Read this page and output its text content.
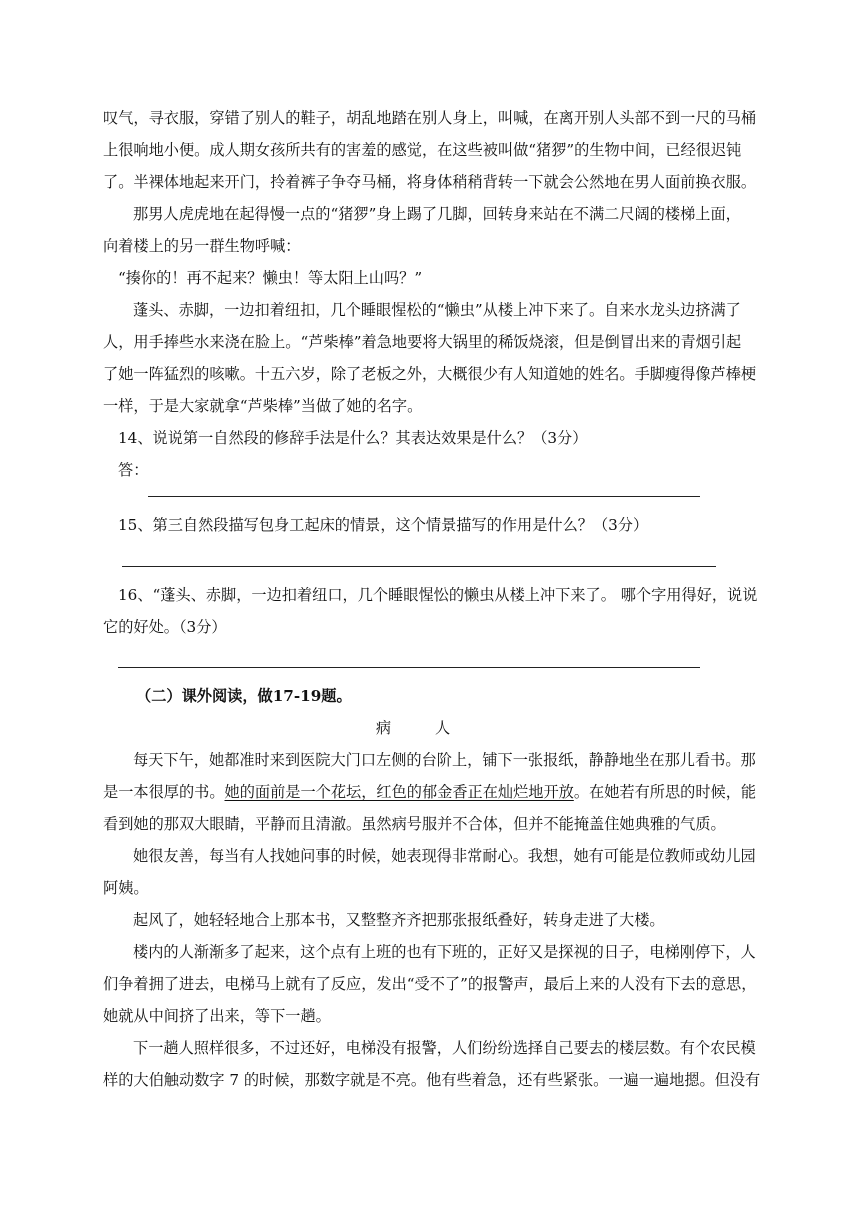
叹气，寻衣服，穿错了别人的鞋子，胡乱地踏在别人身上，叫喊，在离开别人头部不到一尺的马桶
上很响地小便。成人期女孩所共有的害羞的感觉，在这些被叫做“猪猡”的生物中间，已经很迟钝
了。半裸体地起来开门，拎着裤子争夺马桶，将身体稍稍背转一下就会公然地在男人面前换衣服。
那男人虎虎地在起得慢一点的“猪猡”身上踢了几脚，回转身来站在不满二尺阔的楼梯上面，
向着楼上的另一群生物呼喊：
“揍你的！再不起来？懒虫！等太阳上山吗？”
蓬头、赤脚，一边扣着纽扣，几个睡眼惺松的“懒虫”从楼上冲下来了。自来水龙头边挤满了
人，用手捧些水来浇在脸上。“芦柴棒”着急地要将大锅里的稀饭烧滚，但是倒冒出来的青烟引起
了她一阵猛烈的咳嗽。十五六岁，除了老板之外，大概很少有人知道她的姓名。手脚瘦得像芦棒梗
一样，于是大家就拿“芦柴棒”当做了她的名字。
14、说说第一自然段的修辞手法是什么？其表达效果是什么？（3分）
答：
15、第三自然段描写包身工起床的情景，这个情景描写的作用是什么？（3分）
16、“蓬头、赤脚，一边扣着纽口，几个睡眼惺忪的懒虫从楼上冲下来了。 哪个字用得好，说说
它的好处。（3分）
（二）课外阅读，做17-19题。
病人
每天下午，她都准时来到医院大门口左侧的台阶上，铺下一张报纸，静静地坐在那儿看书。那
是一本很厚的书。她的面前是一个花坛，红色的郁金香正在灿烂地开放。在她若有所思的时候，能
看到她的那双大眼睛，平静而且清澈。虽然病号服并不合体，但并不能掩盖住她典雅的气质。
她很友善，每当有人找她问事的时候，她表现得非常耐心。我想，她有可能是位教师或幼儿园
阿姨。
起风了，她轻轻地合上那本书，又整整齐齐把那张报纸叠好，转身走进了大楼。
楼内的人渐渐多了起来，这个点有上班的也有下班的，正好又是探视的日子，电梯刚停下，人
们争着拥了进去，电梯马上就有了反应，发出“受不了”的报警声，最后上来的人没有下去的意思，
她就从中间挤了出来，等下一趟。
下一趟人照样很多，不过还好，电梯没有报警，人们纷纷选择自己要去的楼层数。有个农民模
样的大伯触动数字 7 的时候，那数字就是不亮。他有些着急，还有些紧张。一遍一遍地摁。但没有
